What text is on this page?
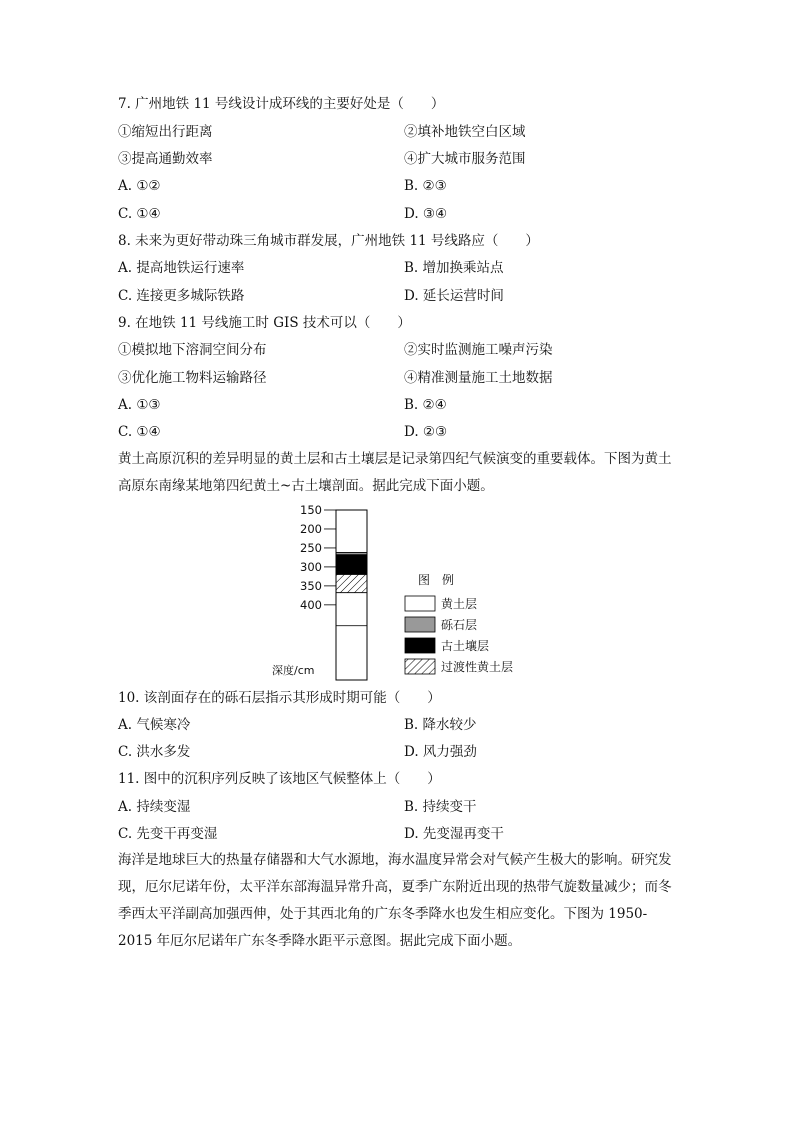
7. 广州地铁 11 号线设计成环线的主要好处是（　　）
①缩短出行距离	②填补地铁空白区域
③提高通勤效率	④扩大城市服务范围
A. ①②	B. ②③
C. ①④	D. ③④
8. 未来为更好带动珠三角城市群发展，广州地铁 11 号线路应（　　）
A. 提高地铁运行速率	B. 增加换乘站点
C. 连接更多城际铁路	D. 延长运营时间
9. 在地铁 11 号线施工时 GIS 技术可以（　　）
①模拟地下溶洞空间分布	②实时监测施工噪声污染
③优化施工物料运输路径	④精准测量施工土地数据
A. ①③	B. ②④
C. ①④	D. ②③
黄土高原沉积的差异明显的黄土层和古土壤层是记录第四纪气候演变的重要载体。下图为黄土高原东南缘某地第四纪黄土~古土壤剖面。据此完成下面小题。
150
200
250
300
350
400
深度/cm
图　例
黄土层
砾石层
古土壤层
过渡性黄土层
10. 该剖面存在的砾石层指示其形成时期可能（　　）
A. 气候寒冷	B. 降水较少
C. 洪水多发	D. 风力强劲
11. 图中的沉积序列反映了该地区气候整体上（　　）
A. 持续变湿	B. 持续变干
C. 先变干再变湿	D. 先变湿再变干
海洋是地球巨大的热量存储器和大气水源地，海水温度异常会对气候产生极大的影响。研究发现，厄尔尼诺年份，太平洋东部海温异常升高，夏季广东附近出现的热带气旋数量减少；而冬季西太平洋副高加强西伸，处于其西北角的广东冬季降水也发生相应变化。下图为 1950-2015 年厄尔尼诺年广东冬季降水距平示意图。据此完成下面小题。
